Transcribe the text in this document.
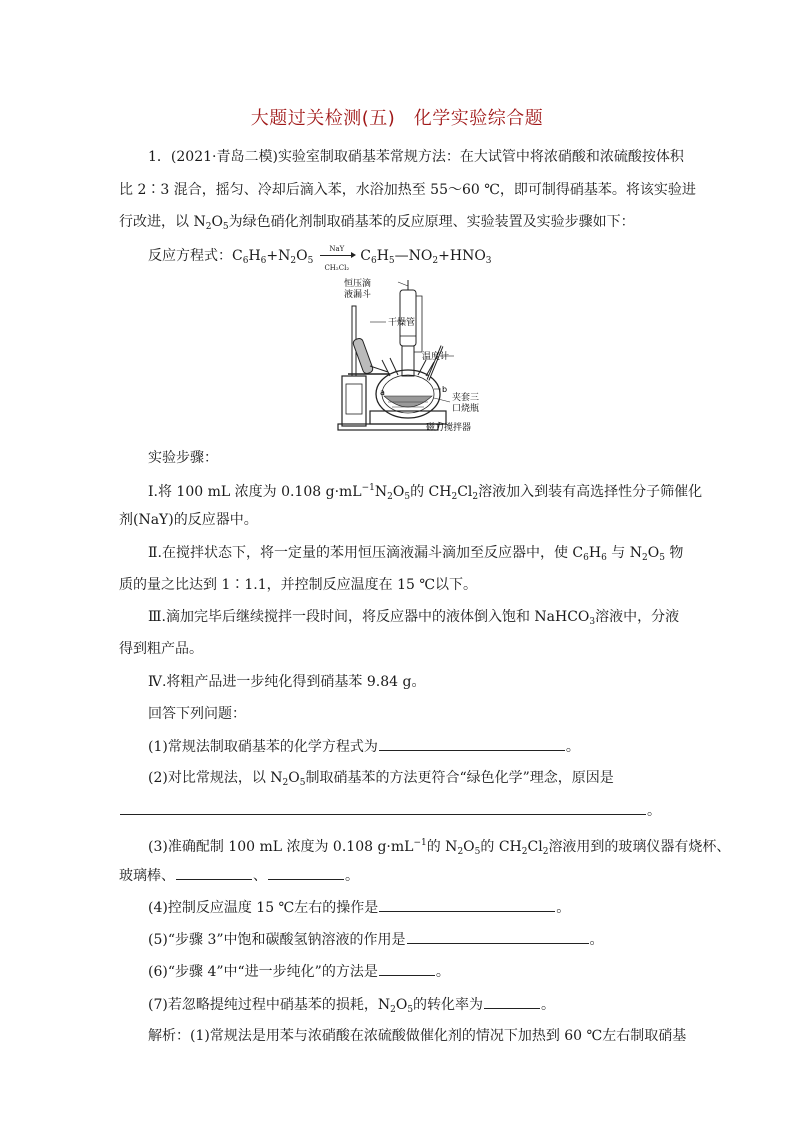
大题过关检测(五)　化学实验综合题
1．(2021·青岛二模)实验室制取硝基苯常规方法：在大试管中将浓硝酸和浓硫酸按体积
比 2∶3 混合，摇匀、冷却后滴入苯，水浴加热至 55～60 ℃，即可制得硝基苯。将该实验进
行改进，以 $N_2O_5$为绿色硝化剂制取硝基苯的反应原理、实验装置及实验步骤如下：
反应方程式：$C_6H_6+N_2O_5$
NaY
CH₂Cl₂
$C_6H_5—NO_2+HNO_3$
恒压滴
液漏斗
干燥管
温度计
夹套三
口烧瓶
磁力搅拌器
a	b
实验步骤：
Ⅰ.将 100 mL 浓度为 0.108 $g\cdot mL^{-1}N_2O_5$的 $CH_2Cl_2$溶液加入到装有高选择性分子筛催化
剂(NaY)的反应器中。
Ⅱ.在搅拌状态下，将一定量的苯用恒压滴液漏斗滴加至反应器中，使 $C_6H_6$ 与 $N_2O_5$ 物
质的量之比达到 1∶1.1，并控制反应温度在 15 ℃以下。
Ⅲ.滴加完毕后继续搅拌一段时间，将反应器中的液体倒入饱和 NaHCO$_3$溶液中，分液
得到粗产品。
Ⅳ.将粗产品进一步纯化得到硝基苯 9.84 g。
回答下列问题：
(1)常规法制取硝基苯的化学方程式为	。
(2)对比常规法，以 $N_2O_5$制取硝基苯的方法更符合“绿色化学”理念，原因是
。
(3)准确配制 100 mL 浓度为 0.108 $g\cdot mL^{-1}$的 $N_2O_5$的 $CH_2Cl_2$溶液用到的玻璃仪器有烧杯、
玻璃棒、	、	。
(4)控制反应温度 15 ℃左右的操作是	。
(5)“步骤 3”中饱和碳酸氢钠溶液的作用是	。
(6)“步骤 4”中“进一步纯化”的方法是	。
(7)若忽略提纯过程中硝基苯的损耗，$N_2O_5$的转化率为	。
解析：(1)常规法是用苯与浓硝酸在浓硫酸做催化剂的情况下加热到 60 ℃左右制取硝基
